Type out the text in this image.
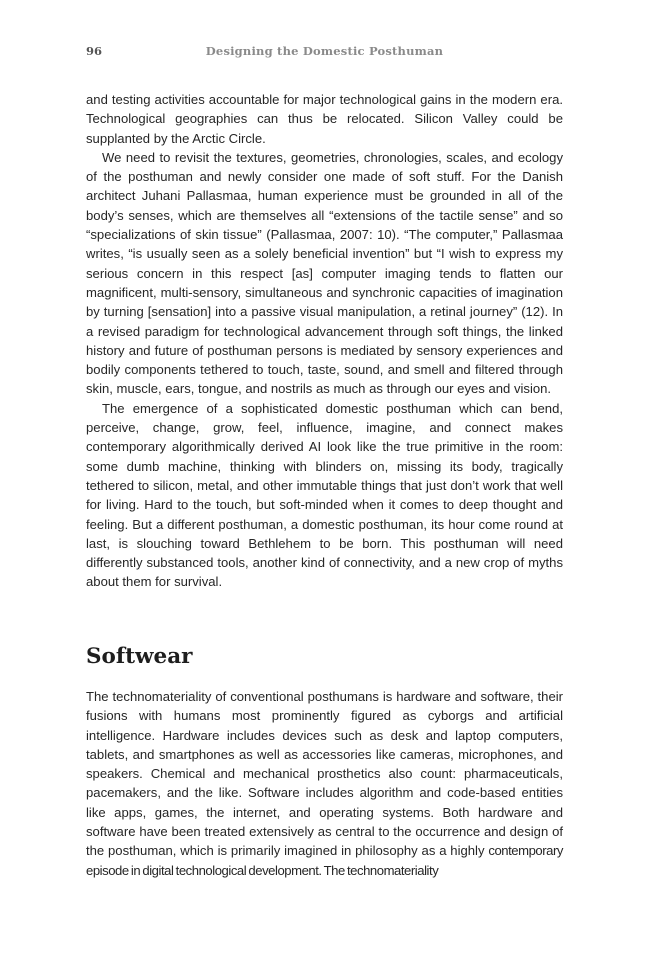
96	Designing the Domestic Posthuman

and testing activities accountable for major technological gains in the modern era. Technological geographies can thus be relocated. Silicon Valley could be supplanted by the Arctic Circle.

We need to revisit the textures, geometries, chronologies, scales, and ecology of the posthuman and newly consider one made of soft stuff. For the Danish architect Juhani Pallasmaa, human experience must be grounded in all of the body’s senses, which are themselves all “extensions of the tactile sense” and so “specializations of skin tissue” (Pallasmaa, 2007: 10). “The computer,” Pallasmaa writes, “is usually seen as a solely beneficial invention” but “I wish to express my serious concern in this respect [as] computer imaging tends to flatten our magnificent, multi-sensory, simultaneous and synchronic capacities of imagination by turning [sensation] into a passive visual manipulation, a retinal journey” (12). In a revised paradigm for technological advancement through soft things, the linked history and future of posthuman persons is mediated by sensory experiences and bodily components tethered to touch, taste, sound, and smell and filtered through skin, muscle, ears, tongue, and nostrils as much as through our eyes and vision.

The emergence of a sophisticated domestic posthuman which can bend, perceive, change, grow, feel, influence, imagine, and connect makes contemporary algorithmically derived AI look like the true primitive in the room: some dumb machine, thinking with blinders on, missing its body, tragically tethered to silicon, metal, and other immutable things that just don’t work that well for living. Hard to the touch, but soft-minded when it comes to deep thought and feeling. But a different posthuman, a domestic posthuman, its hour come round at last, is slouching toward Bethlehem to be born. This posthuman will need differently substanced tools, another kind of connectivity, and a new crop of myths about them for survival.

Softwear

The technomateriality of conventional posthumans is hardware and software, their fusions with humans most prominently figured as cyborgs and artificial intelligence. Hardware includes devices such as desk and laptop computers, tablets, and smartphones as well as accessories like cameras, microphones, and speakers. Chemical and mechanical prosthetics also count: pharmaceuticals, pacemakers, and the like. Software includes algorithm and code-based entities like apps, games, the internet, and operating systems. Both hardware and software have been treated extensively as central to the occurrence and design of the posthuman, which is primarily imagined in philosophy as a highly contemporary episode in digital technological development. The technomateriality
